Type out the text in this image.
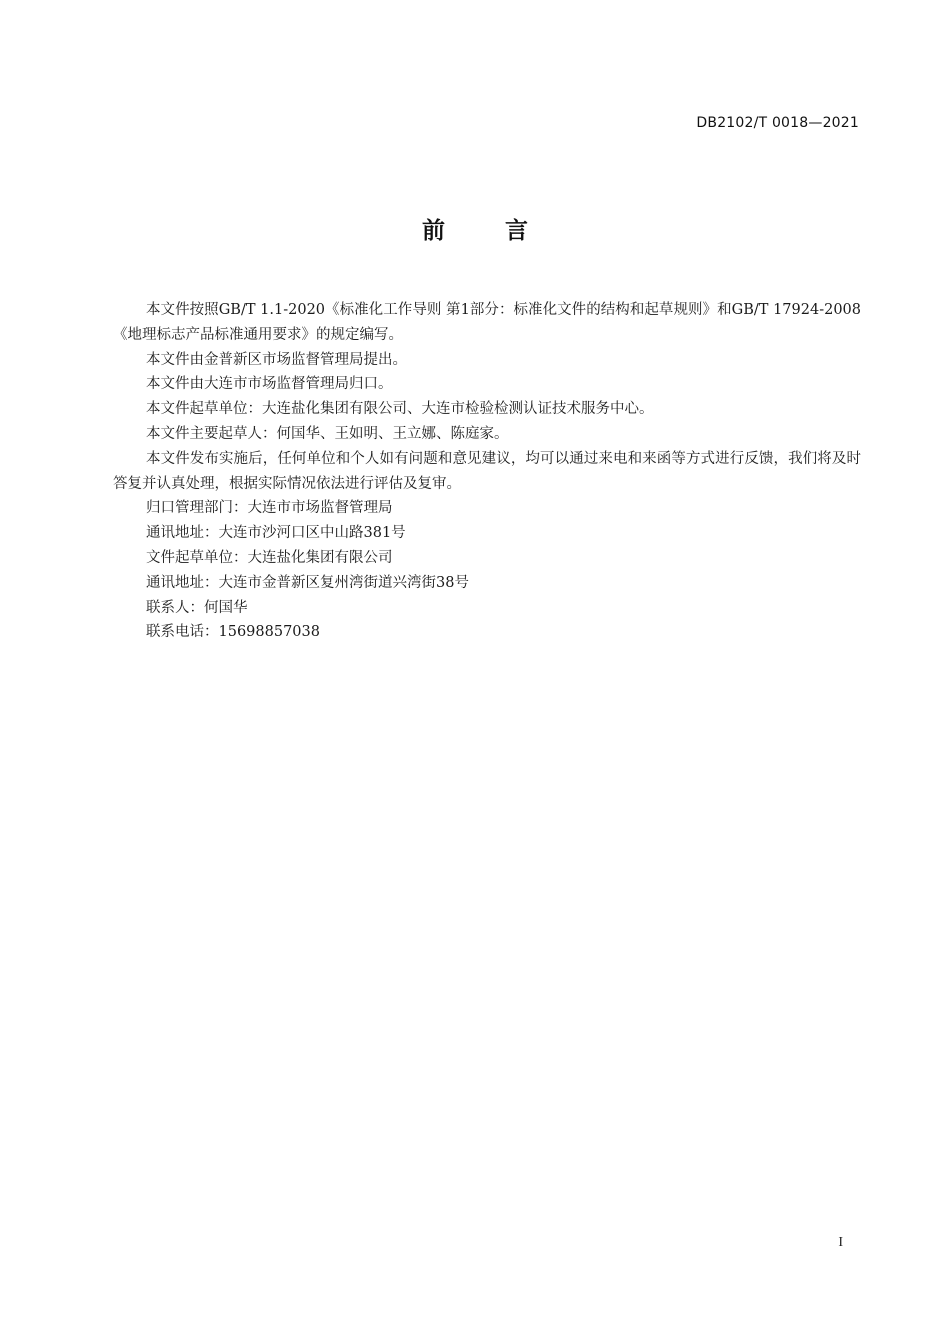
DB2102/T 0018—2021
前 言

本文件按照GB/T 1.1-2020《标准化工作导则 第1部分：标准化文件的结构和起草规则》和GB/T 17924-2008《地理标志产品标准通用要求》的规定编写。

本文件由金普新区市场监督管理局提出。

本文件由大连市市场监督管理局归口。

本文件起草单位：大连盐化集团有限公司、大连市检验检测认证技术服务中心。

本文件主要起草人：何国华、王如明、王立娜、陈庭家。

本文件发布实施后，任何单位和个人如有问题和意见建议，均可以通过来电和来函等方式进行反馈，我们将及时答复并认真处理，根据实际情况依法进行评估及复审。

归口管理部门：大连市市场监督管理局

通讯地址：大连市沙河口区中山路381号

文件起草单位：大连盐化集团有限公司

通讯地址：大连市金普新区复州湾街道兴湾街38号

联系人：何国华

联系电话：15698857038

I
